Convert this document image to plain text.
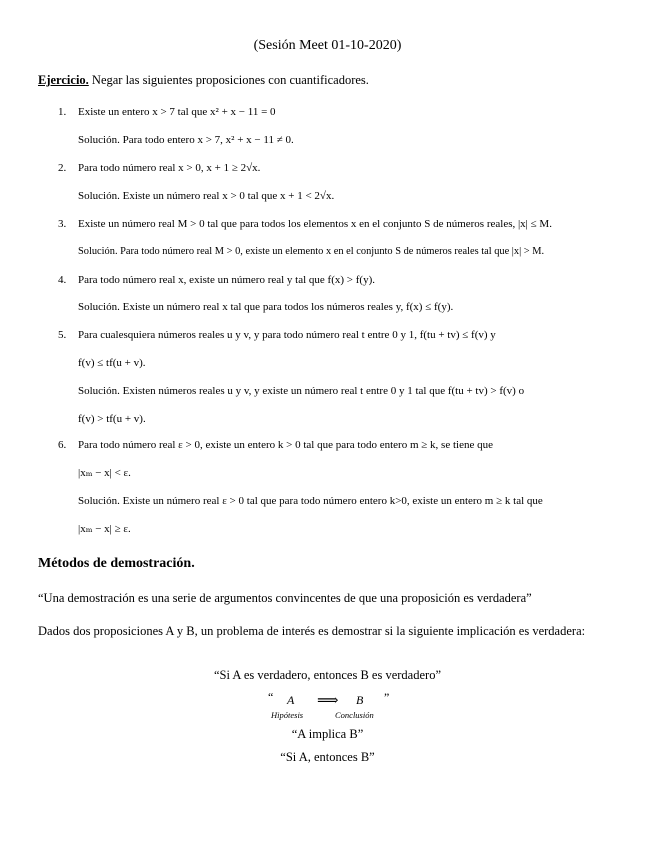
(Sesión Meet 01-10-2020)
Ejercicio. Negar las siguientes proposiciones con cuantificadores.
1.	Existe un entero x > 7 tal que x² + x − 11 = 0
Solución. Para todo entero x > 7, x² + x − 11 ≠ 0.
2.	Para todo número real x > 0, x + 1 ≥ 2√x.
Solución. Existe un número real x > 0 tal que x + 1 < 2√x.
3.	Existe un número real M > 0 tal que para todos los elementos x en el conjunto S de números reales, |x| ≤ M.
Solución. Para todo número real M > 0, existe un elemento x en el conjunto S de números reales tal que |x| > M.
4.	Para todo número real x, existe un número real y tal que f(x) > f(y).
Solución. Existe un número real x tal que para todos los números reales y, f(x) ≤ f(y).
5.	Para cualesquiera números reales u y v, y para todo número real t entre 0 y 1, f(tu + tv) ≤ f(v) y
f(v) ≤ tf(u + v).
Solución. Existen números reales u y v, y existe un número real t entre 0 y 1 tal que f(tu + tv) > f(v) o
f(v) > tf(u + v).
6.	Para todo número real ε > 0, existe un entero k > 0 tal que para todo entero m ≥ k, se tiene que
|xₘ − x| < ε.
Solución. Existe un número real ε > 0 tal que para todo número entero k>0, existe un entero m ≥ k tal que
|xₘ − x| ≥ ε.
Métodos de demostración.
“Una demostración es una serie de argumentos convincentes de que una proposición es verdadera”
Dados dos proposiciones A y B, un problema de interés es demostrar si la siguiente implicación es verdadera:
“Si A es verdadero, entonces B es verdadero”
“ A
Hipótesis
⟹ B
Conclusión
”
“A implica B”
“Si A, entonces B”
